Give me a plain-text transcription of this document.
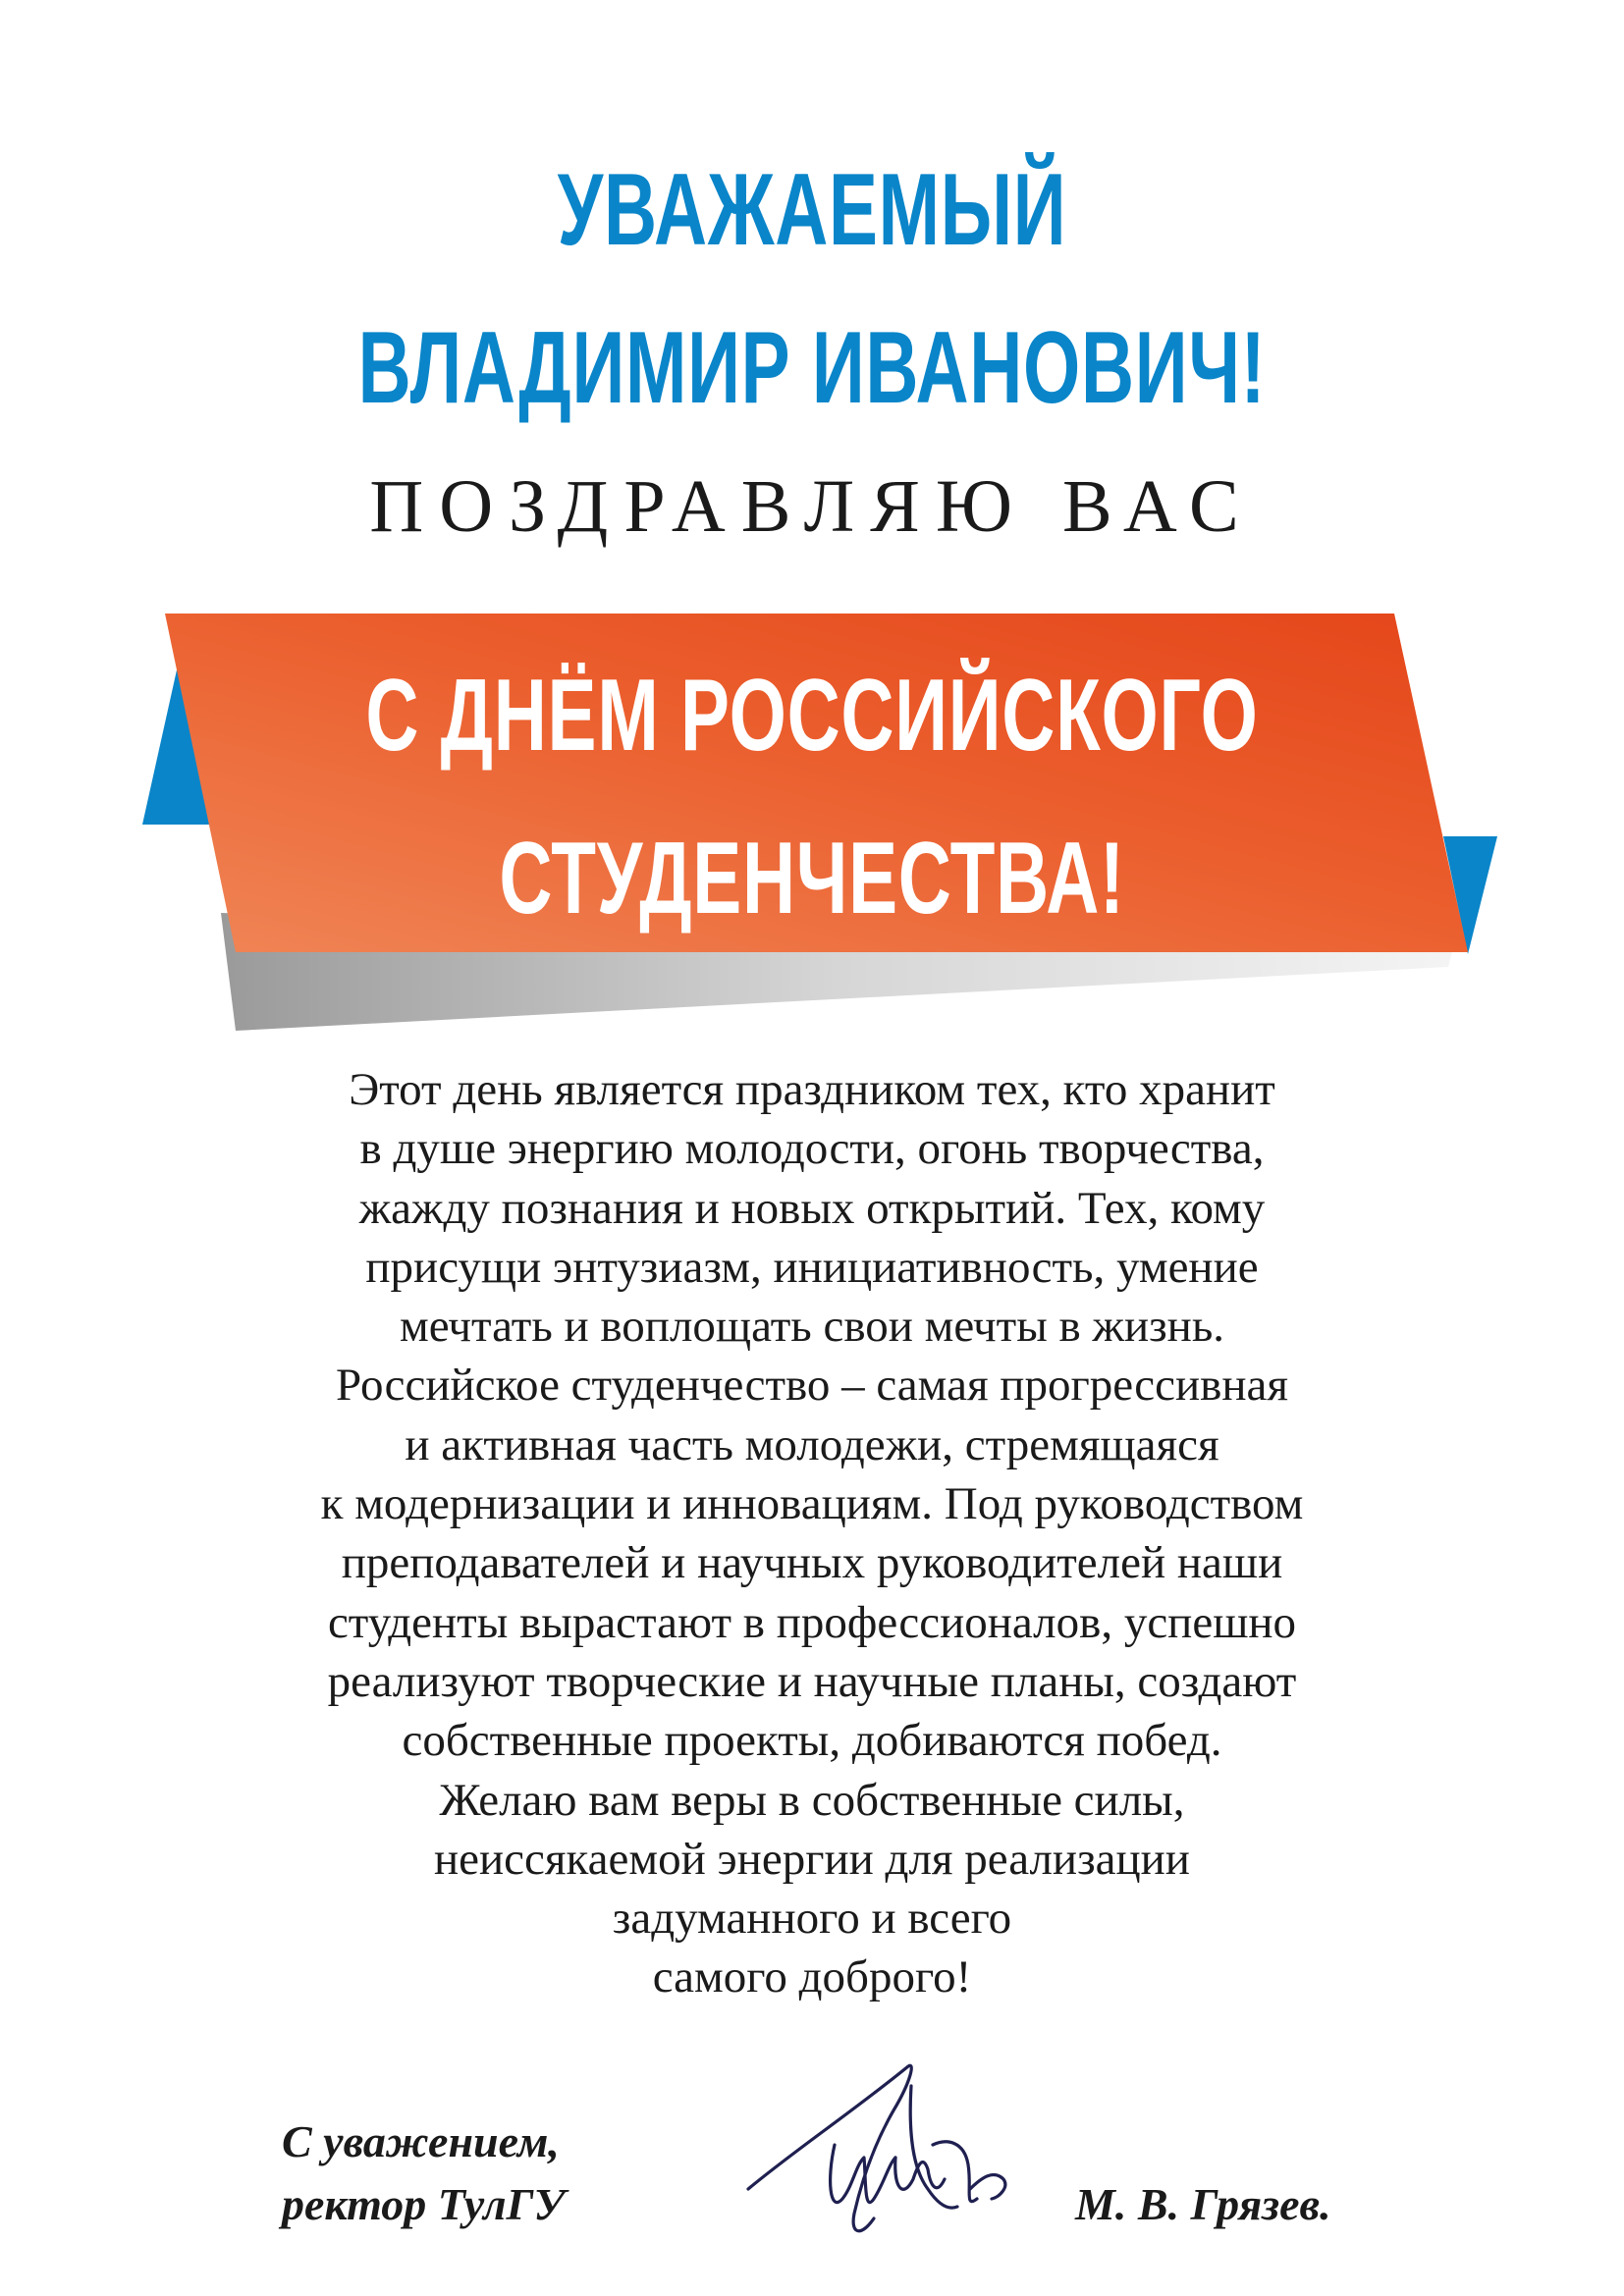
УВАЖАЕМЫЙ
ВЛАДИМИР ИВАНОВИЧ!
ПОЗДРАВЛЯЮ ВАС
С ДНЁМ РОССИЙСКОГО
СТУДЕНЧЕСТВА!
Этот день является праздником тех, кто хранит
в душе энергию молодости, огонь творчества,
жажду познания и новых открытий. Тех, кому
присущи энтузиазм, инициативность, умение
мечтать и воплощать свои мечты в жизнь.
Российское студенчество – самая прогрессивная
и активная часть молодежи, стремящаяся
к модернизации и инновациям. Под руководством
преподавателей и научных руководителей наши
студенты вырастают в профессионалов, успешно
реализуют творческие и научные планы, создают
собственные проекты, добиваются побед.
Желаю вам веры в собственные силы,
неиссякаемой энергии для реализации
задуманного и всего
самого доброго!
С уважением,
ректор ТулГУ	М. В. Грязев.
